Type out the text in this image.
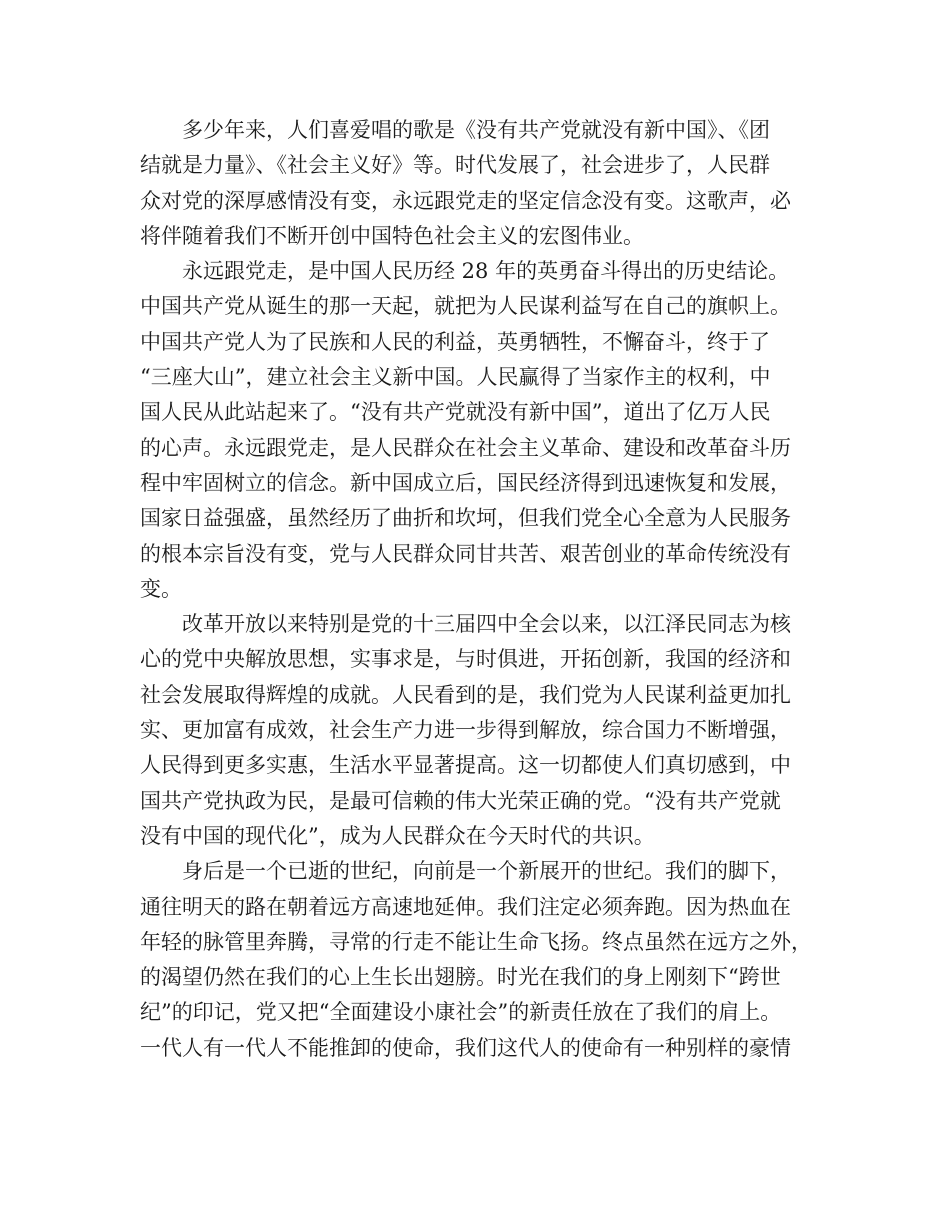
多少年来，人们喜爱唱的歌是《没有共产党就没有新中国》、《团
结就是力量》、《社会主义好》等。时代发展了，社会进步了，人民群
众对党的深厚感情没有变，永远跟党走的坚定信念没有变。这歌声，必
将伴随着我们不断开创中国特色社会主义的宏图伟业。
永远跟党走，是中国人民历经 28 年的英勇奋斗得出的历史结论。
中国共产党从诞生的那一天起，就把为人民谋利益写在自己的旗帜上。
中国共产党人为了民族和人民的利益，英勇牺牲，不懈奋斗，终于了
“三座大山”，建立社会主义新中国。人民赢得了当家作主的权利，中
国人民从此站起来了。“没有共产党就没有新中国”，道出了亿万人民
的心声。永远跟党走，是人民群众在社会主义革命、建设和改革奋斗历
程中牢固树立的信念。新中国成立后，国民经济得到迅速恢复和发展，
国家日益强盛，虽然经历了曲折和坎坷，但我们党全心全意为人民服务
的根本宗旨没有变，党与人民群众同甘共苦、艰苦创业的革命传统没有
变。
改革开放以来特别是党的十三届四中全会以来，以江泽民同志为核
心的党中央解放思想，实事求是，与时俱进，开拓创新，我国的经济和
社会发展取得辉煌的成就。人民看到的是，我们党为人民谋利益更加扎
实、更加富有成效，社会生产力进一步得到解放，综合国力不断增强，
人民得到更多实惠，生活水平显著提高。这一切都使人们真切感到，中
国共产党执政为民，是最可信赖的伟大光荣正确的党。“没有共产党就
没有中国的现代化”，成为人民群众在今天时代的共识。
身后是一个已逝的世纪，向前是一个新展开的世纪。我们的脚下，
通往明天的路在朝着远方高速地延伸。我们注定必须奔跑。因为热血在
年轻的脉管里奔腾，寻常的行走不能让生命飞扬。终点虽然在远方之外，
的渴望仍然在我们的心上生长出翅膀。时光在我们的身上刚刻下“跨世
纪”的印记，党又把“全面建设小康社会”的新责任放在了我们的肩上。
一代人有一代人不能推卸的使命，我们这代人的使命有一种别样的豪情
